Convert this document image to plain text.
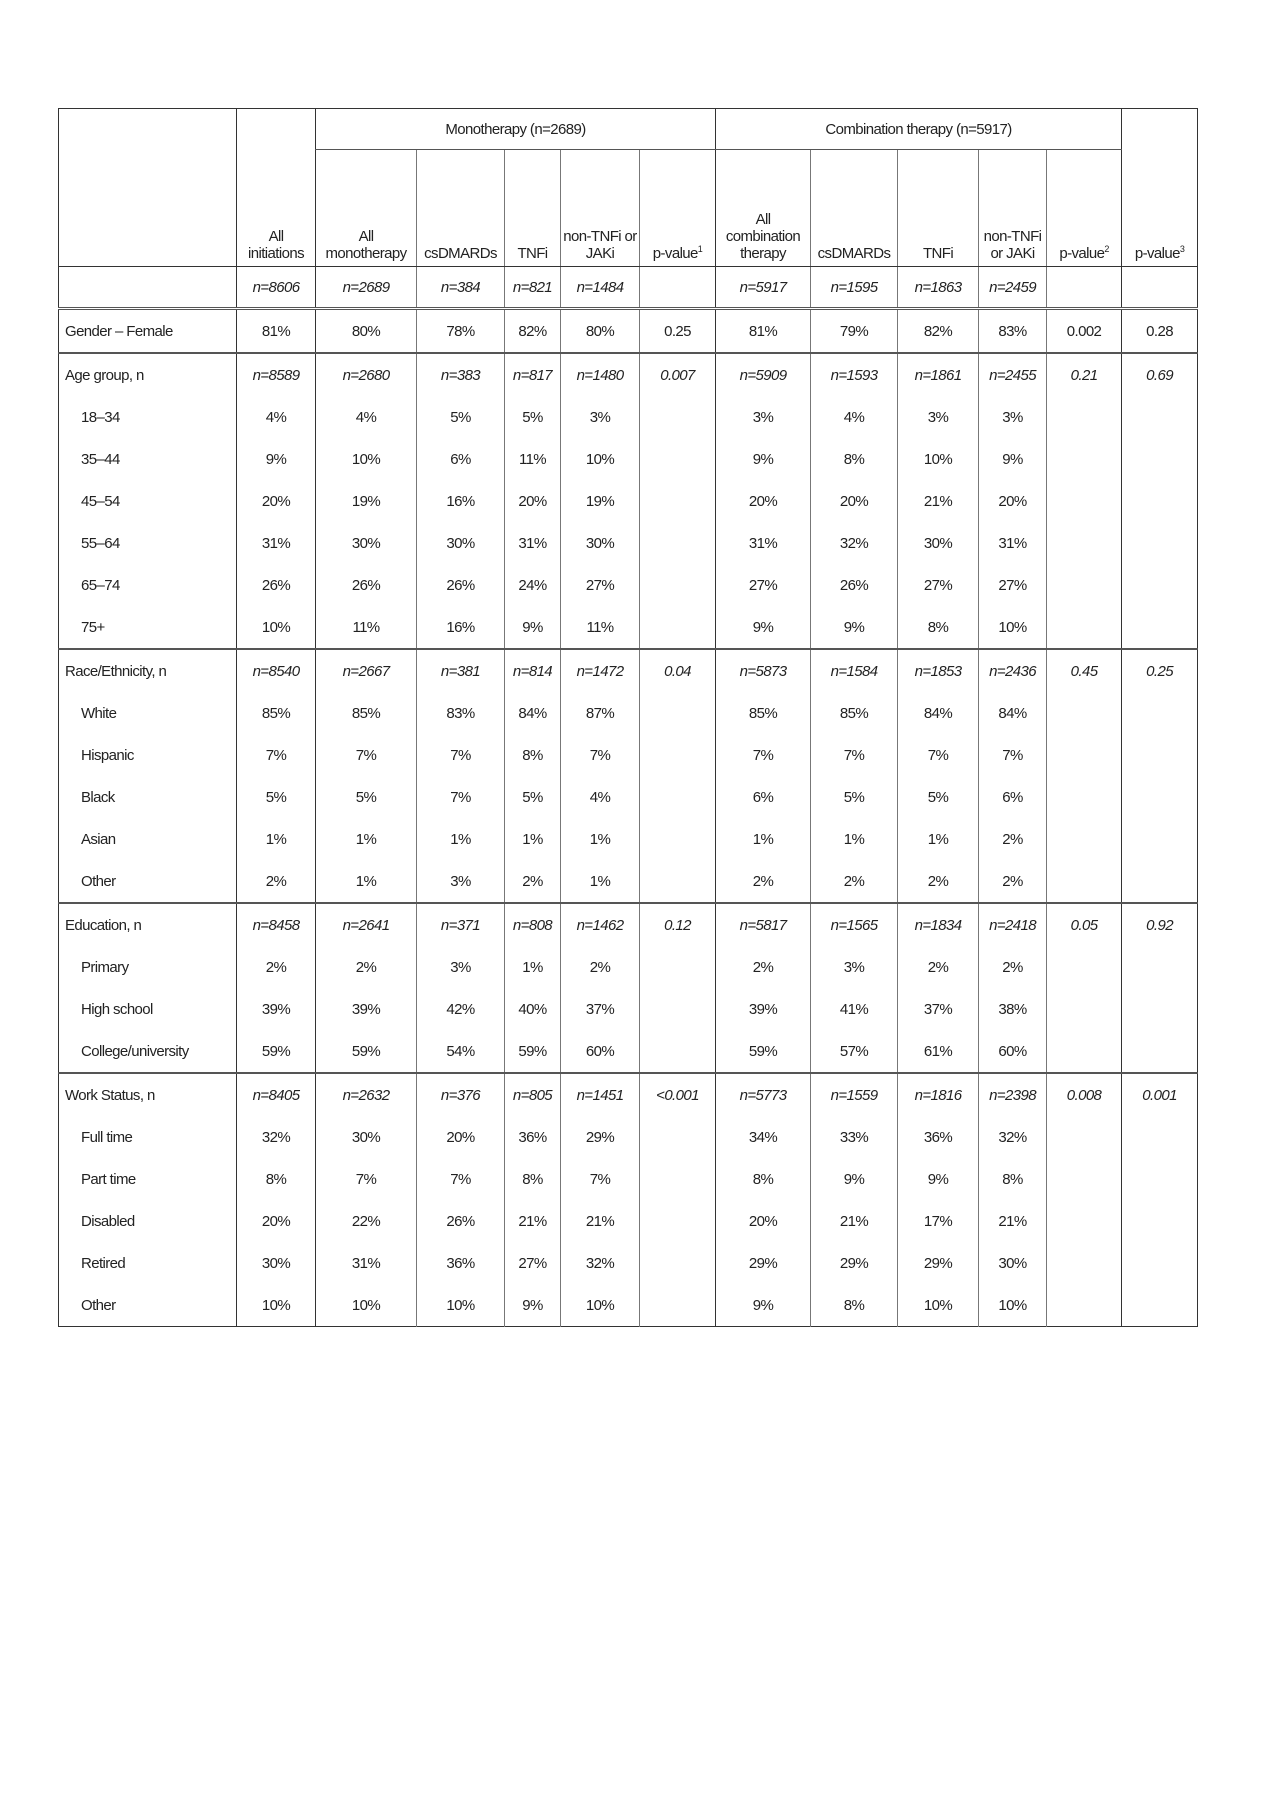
	All initiations	Monotherapy (n=2689)					Combination therapy (n=5917)					p-value$^3$
		All monotherapy	csDMARDs	TNFi	non-TNFi or JAKi	p-value$^1$	All combination therapy	csDMARDs	TNFi	non-TNFi or JAKi	p-value$^2$
	n=8606	n=2689	n=384	n=821	n=1484		n=5917	n=1595	n=1863	n=2459		
Gender – Female	81%	80%	78%	82%	80%	0.25	81%	79%	82%	83%	0.002	0.28
Age group, n	n=8589	n=2680	n=383	n=817	n=1480	0.007	n=5909	n=1593	n=1861	n=2455	0.21	0.69
18–34	4%	4%	5%	5%	3%		3%	4%	3%	3%		
35–44	9%	10%	6%	11%	10%		9%	8%	10%	9%		
45–54	20%	19%	16%	20%	19%		20%	20%	21%	20%		
55–64	31%	30%	30%	31%	30%		31%	32%	30%	31%		
65–74	26%	26%	26%	24%	27%		27%	26%	27%	27%		
75+	10%	11%	16%	9%	11%		9%	9%	8%	10%		
Race/Ethnicity, n	n=8540	n=2667	n=381	n=814	n=1472	0.04	n=5873	n=1584	n=1853	n=2436	0.45	0.25
White	85%	85%	83%	84%	87%		85%	85%	84%	84%		
Hispanic	7%	7%	7%	8%	7%		7%	7%	7%	7%		
Black	5%	5%	7%	5%	4%		6%	5%	5%	6%		
Asian	1%	1%	1%	1%	1%		1%	1%	1%	2%		
Other	2%	1%	3%	2%	1%		2%	2%	2%	2%		
Education, n	n=8458	n=2641	n=371	n=808	n=1462	0.12	n=5817	n=1565	n=1834	n=2418	0.05	0.92
Primary	2%	2%	3%	1%	2%		2%	3%	2%	2%		
High school	39%	39%	42%	40%	37%		39%	41%	37%	38%		
College/university	59%	59%	54%	59%	60%		59%	57%	61%	60%		
Work Status, n	n=8405	n=2632	n=376	n=805	n=1451	<0.001	n=5773	n=1559	n=1816	n=2398	0.008	0.001
Full time	32%	30%	20%	36%	29%		34%	33%	36%	32%		
Part time	8%	7%	7%	8%	7%		8%	9%	9%	8%		
Disabled	20%	22%	26%	21%	21%		20%	21%	17%	21%		
Retired	30%	31%	36%	27%	32%		29%	29%	29%	30%		
Other	10%	10%	10%	9%	10%		9%	8%	10%	10%		
